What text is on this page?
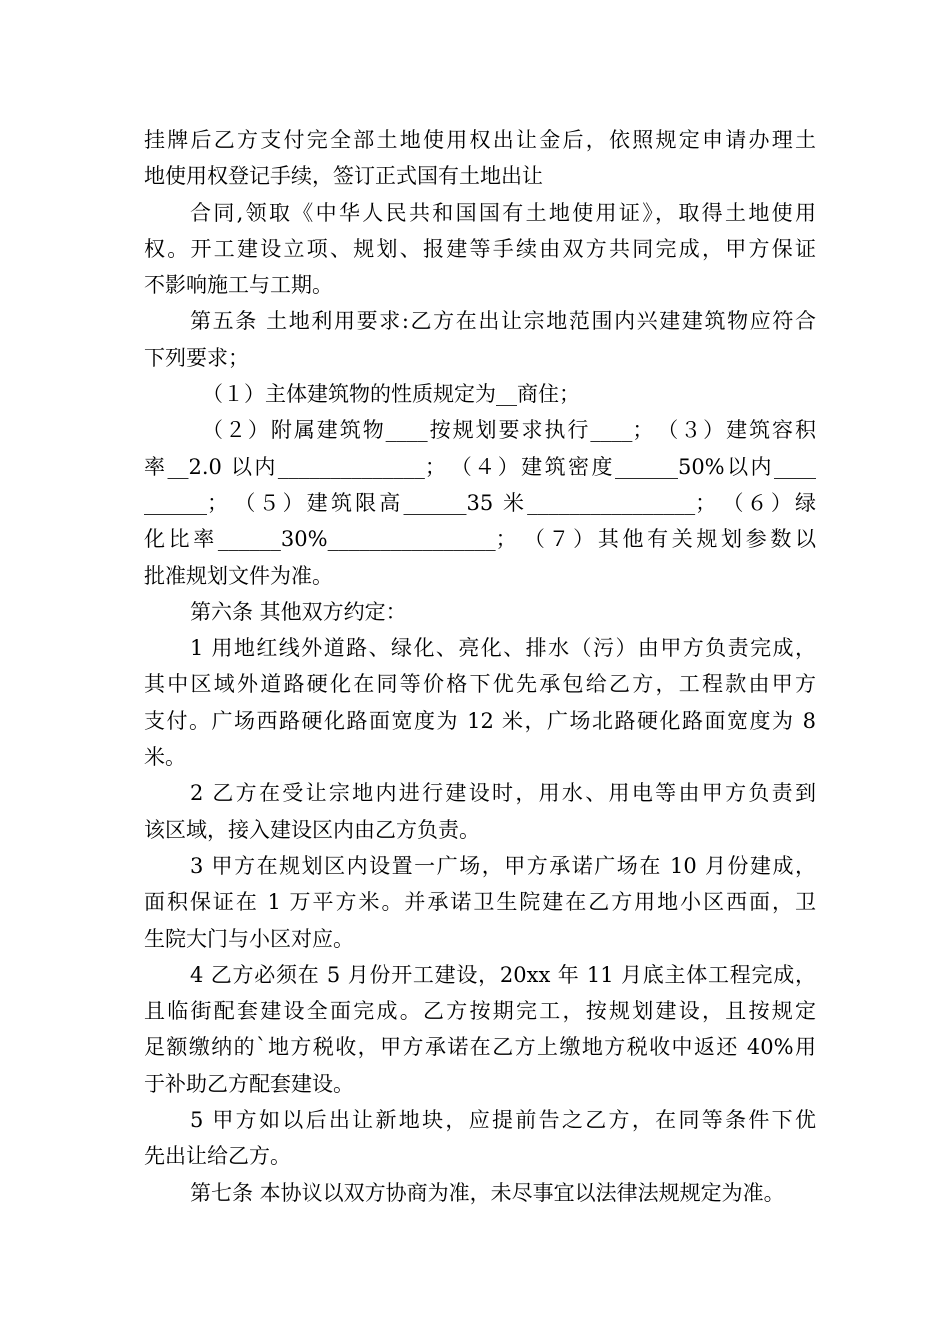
挂牌后乙方支付完全部土地使用权出让金后，依照规定申请办理土
地使用权登记手续，签订正式国有土地出让
合同,领取《中华人民共和国国有土地使用证》，取得土地使用
权。开工建设立项、规划、报建等手续由双方共同完成，甲方保证
不影响施工与工期。
第五条 土地利用要求:乙方在出让宗地范围内兴建建筑物应符合
下列要求；
（１）主体建筑物的性质规定为__商住；
（２）附属建筑物____按规划要求执行____；　（３）建筑容积
率__2.0 以内______________；　（４）建筑密度______50%以内____
______；　（５）建筑限高______35 米________________；　（６）绿
化比率______30%________________；　（７）其他有关规划参数以
批准规划文件为准。
第六条 其他双方约定：
1 用地红线外道路、绿化、亮化、排水（污）由甲方负责完成，
其中区域外道路硬化在同等价格下优先承包给乙方，工程款由甲方
支付。广场西路硬化路面宽度为 12 米，广场北路硬化路面宽度为 8
米。
2 乙方在受让宗地内进行建设时，用水、用电等由甲方负责到
该区域，接入建设区内由乙方负责。
3 甲方在规划区内设置一广场，甲方承诺广场在 10 月份建成，
面积保证在 1 万平方米。并承诺卫生院建在乙方用地小区西面，卫
生院大门与小区对应。
4 乙方必须在 5 月份开工建设，20xx 年 11 月底主体工程完成，
且临街配套建设全面完成。乙方按期完工，按规划建设，且按规定
足额缴纳的`地方税收，甲方承诺在乙方上缴地方税收中返还 40%用
于补助乙方配套建设。
5 甲方如以后出让新地块，应提前告之乙方，在同等条件下优
先出让给乙方。
第七条 本协议以双方协商为准，未尽事宜以法律法规规定为准。
